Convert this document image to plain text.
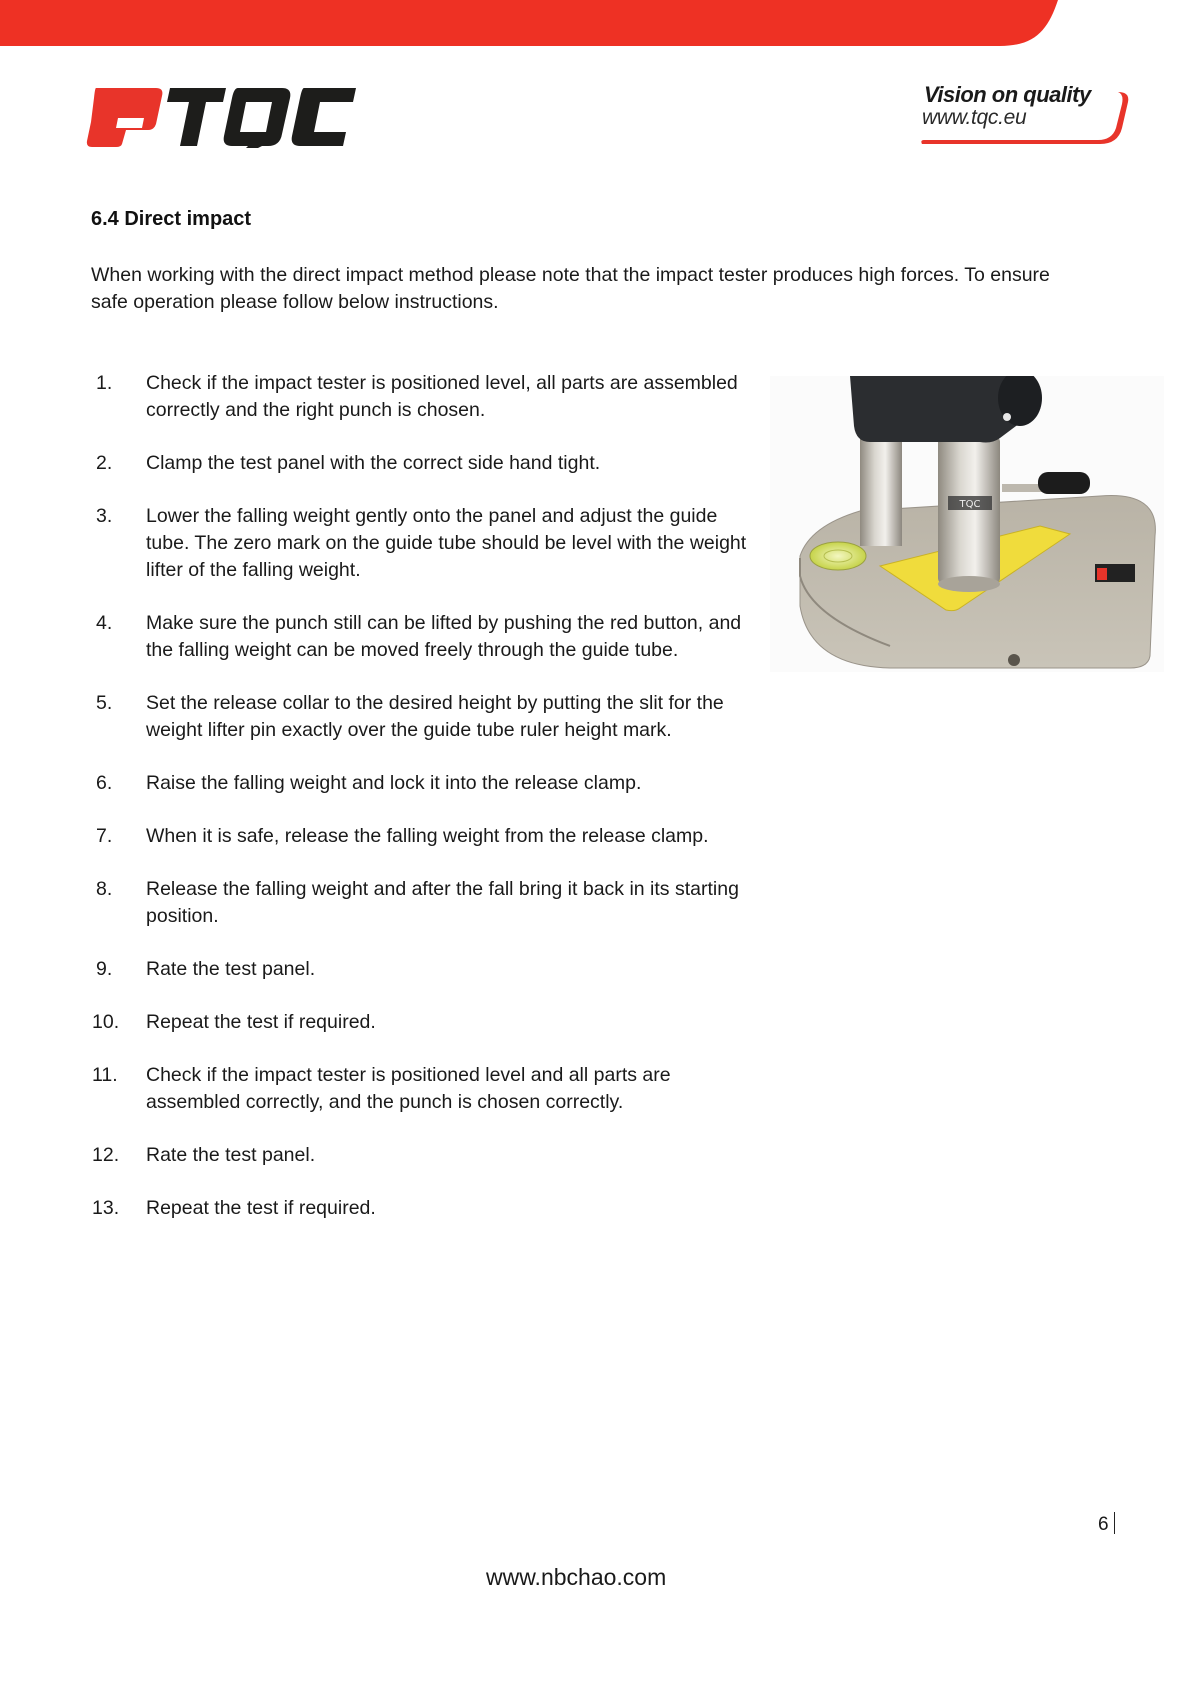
Vision on quality
www.tqc.eu
6.4 Direct impact

When working with the direct impact method please note that the impact tester produces high forces. To ensure safe operation please follow below instructions.

1. Check if the impact tester is positioned level, all parts are assembled correctly and the right punch is chosen.
2. Clamp the test panel with the correct side hand tight.
3. Lower the falling weight gently onto the panel and adjust the guide tube. The zero mark on the guide tube should be level with the weight lifter of the falling weight.
4. Make sure the punch still can be lifted by pushing the red button, and the falling weight can be moved freely through the guide tube.
5. Set the release collar to the desired height by putting the slit for the weight lifter pin exactly over the guide tube ruler height mark.
6. Raise the falling weight and lock it into the release clamp.
7. When it is safe, release the falling weight from the release clamp.
8. Release the falling weight and after the fall bring it back in its starting position.
9. Rate the test panel.
10. Repeat the test if required.
11. Check if the impact tester is positioned level and all parts are assembled correctly, and the punch is chosen correctly.
12. Rate the test panel.
13. Repeat the test if required.
TQC
6
www.nbchao.com
